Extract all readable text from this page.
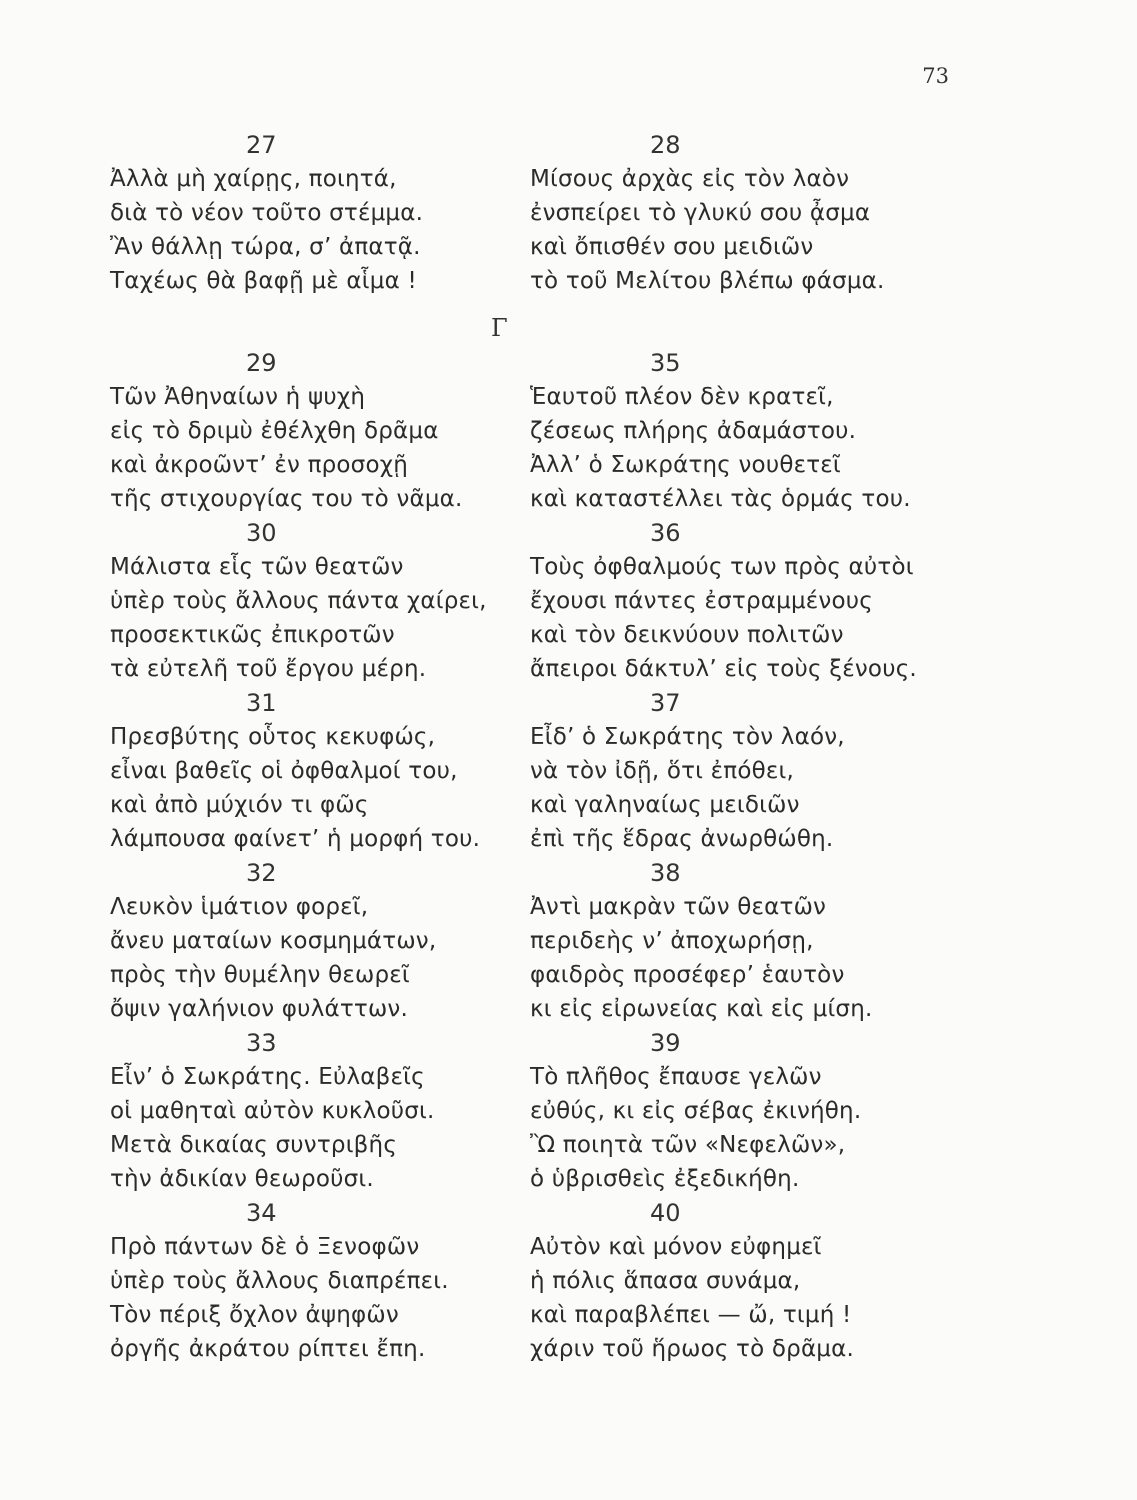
73
Γ
27
Ἀλλὰ μὴ χαίρῃς, ποιητά,
διὰ τὸ νέον τοῦτο στέμμα.
Ἂν θάλλῃ τώρα, σ’ ἀπατᾷ.
Ταχέως θὰ βαφῇ μὲ αἷμα !
29
Τῶν Ἀθηναίων ἡ ψυχὴ
εἰς τὸ δριμὺ ἐθέλχθη δρᾶμα
καὶ ἀκροῶντ’ ἐν προσοχῇ
τῆς στιχουργίας του τὸ νᾶμα.
30
Μάλιστα εἷς τῶν θεατῶν
ὑπὲρ τοὺς ἄλλους πάντα χαίρει,
προσεκτικῶς ἐπικροτῶν
τὰ εὐτελῆ τοῦ ἔργου μέρη.
31
Πρεσβύτης οὗτος κεκυφώς,
εἶναι βαθεῖς οἱ ὀφθαλμοί του,
καὶ ἀπὸ μύχιόν τι φῶς
λάμπουσα φαίνετ’ ἡ μορφή του.
32
Λευκὸν ἱμάτιον φορεῖ,
ἄνευ ματαίων κοσμημάτων,
πρὸς τὴν θυμέλην θεωρεῖ
ὄψιν γαλήνιον φυλάττων.
33
Εἶν’ ὁ Σωκράτης. Εὐλαβεῖς
οἱ μαθηταὶ αὐτὸν κυκλοῦσι.
Μετὰ δικαίας συντριβῆς
τὴν ἀδικίαν θεωροῦσι.
34
Πρὸ πάντων δὲ ὁ Ξενοφῶν
ὑπὲρ τοὺς ἄλλους διαπρέπει.
Τὸν πέριξ ὄχλον ἀψηφῶν
ὀργῆς ἀκράτου ρίπτει ἔπη.
28
Μίσους ἀρχὰς εἰς τὸν λαὸν
ἐνσπείρει τὸ γλυκύ σου ᾆσμα
καὶ ὄπισθέν σου μειδιῶν
τὸ τοῦ Μελίτου βλέπω φάσμα.
35
Ἑαυτοῦ πλέον δὲν κρατεῖ,
ζέσεως πλήρης ἀδαμάστου.
Ἀλλ’ ὁ Σωκράτης νουθετεῖ
καὶ καταστέλλει τὰς ὁρμάς του.
36
Τοὺς ὀφθαλμούς των πρὸς αὐτὸι
ἔχουσι πάντες ἐστραμμένους
καὶ τὸν δεικνύουν πολιτῶν
ἄπειροι δάκτυλ’ εἰς τοὺς ξένους.
37
Εἶδ’ ὁ Σωκράτης τὸν λαόν,
νὰ τὸν ἰδῇ, ὅτι ἐπόθει,
καὶ γαληναίως μειδιῶν
ἐπὶ τῆς ἕδρας ἀνωρθώθη.
38
Ἀντὶ μακρὰν τῶν θεατῶν
περιδεὴς ν’ ἀποχωρήσῃ,
φαιδρὸς προσέφερ’ ἑαυτὸν
κι εἰς εἰρωνείας καὶ εἰς μίση.
39
Τὸ πλῆθος ἔπαυσε γελῶν
εὐθύς, κι εἰς σέβας ἐκινήθη.
Ὢ ποιητὰ τῶν «Νεφελῶν»,
ὁ ὑβρισθεὶς ἐξεδικήθη.
40
Αὐτὸν καὶ μόνον εὐφημεῖ
ἡ πόλις ἅπασα συνάμα,
καὶ παραβλέπει — ὤ, τιμή !
χάριν τοῦ ἥρωος τὸ δρᾶμα.
